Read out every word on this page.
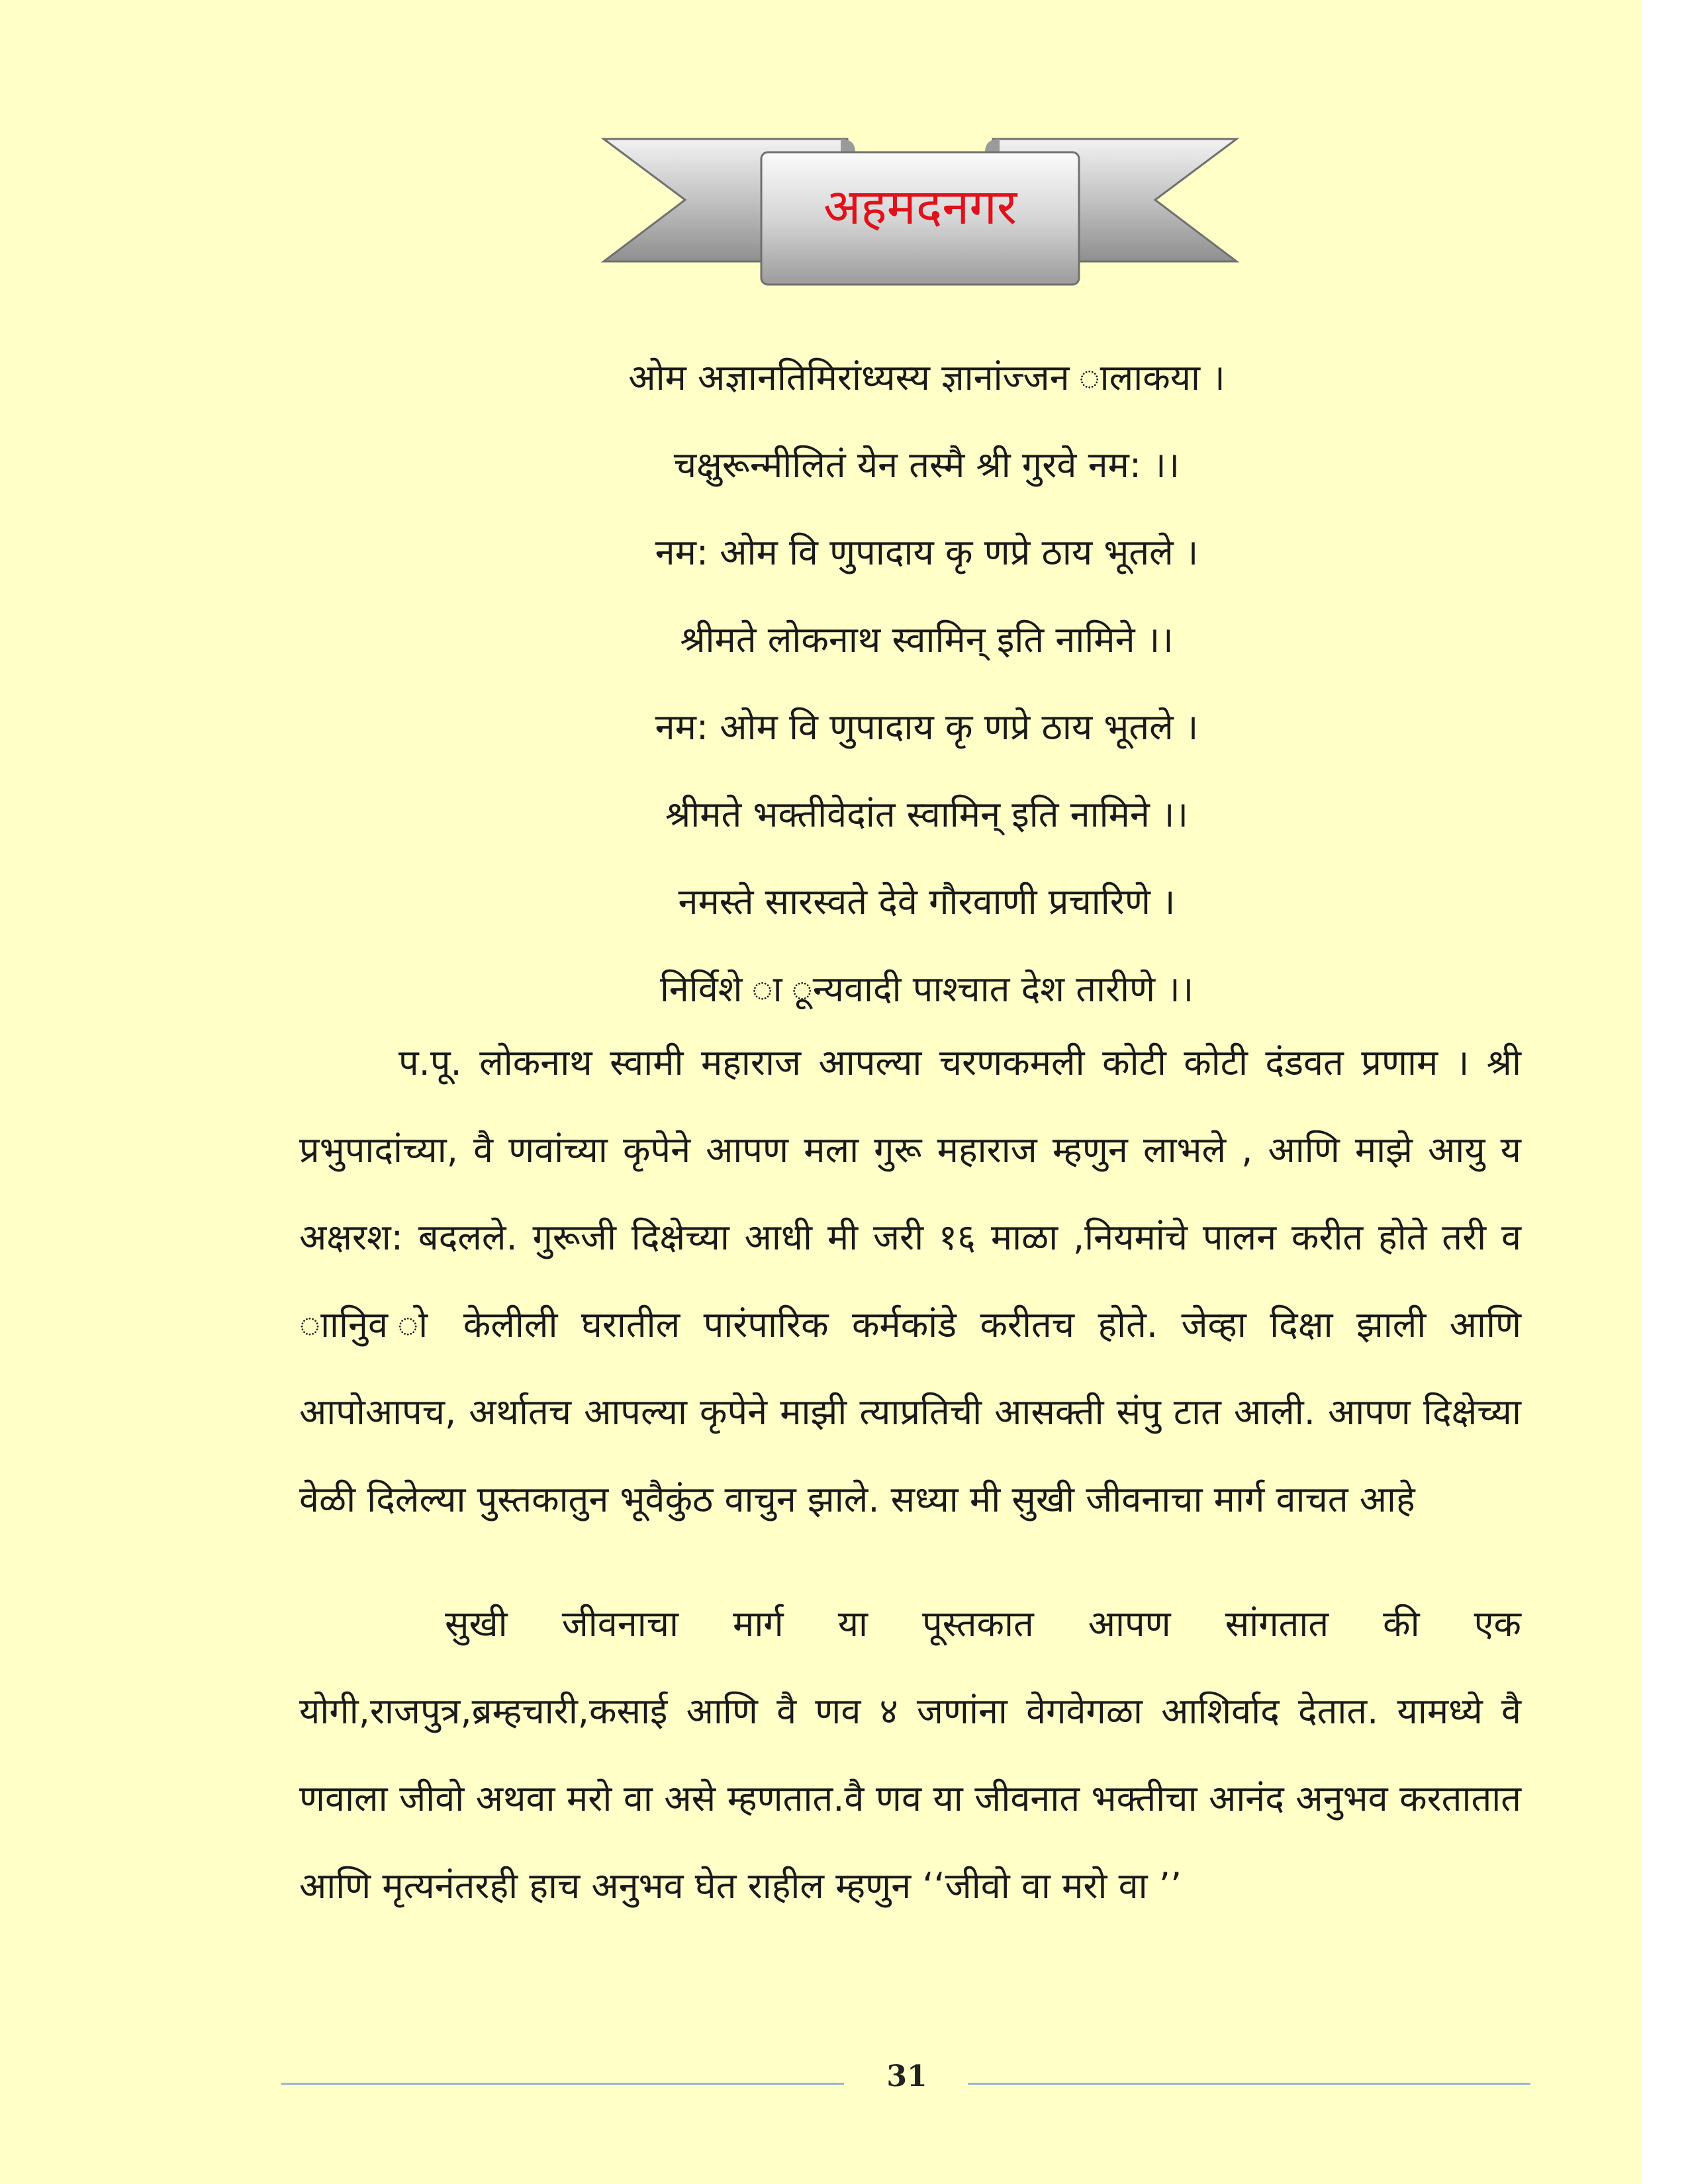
अहमदनगर
ओम अज्ञानतिमिरांध्यस्य ज्ञानांज्जन ालाकया ।
चक्षुरून्मीलितं येन तस्मै श्री गुरवे नम: ।।
नम: ओम वि णुपादाय कृ णप्रे ठाय भूतले ।
श्रीमते लोकनाथ स्वामिन् इति नामिने ।।
नम: ओम वि णुपादाय कृ णप्रे ठाय भूतले ।
श्रीमते भक्तीवेदांत स्वामिन् इति नामिने ।।
नमस्ते सारस्वते देवे गौरवाणी प्रचारिणे ।
निर्विशे ा ून्यवादी पाश्चात देश तारीणे ।।
प.पू. लोकनाथ स्वामी महाराज आपल्या चरणकमली कोटी कोटी दंडवत प्रणाम । श्री प्रभुपादांच्या, वै णवांच्या कृपेने आपण मला गुरू महाराज म्हणुन लाभले , आणि माझे आयु य अक्षरश: बदलले. गुरूजी दिक्षेच्या आधी मी जरी १६ माळा ,नियमांचे पालन करीत होते तरी व ाानुिव ो केलीली घरातील पारंपारिक कर्मकांडे करीतच होते. जेव्हा दिक्षा झाली आणि आपोआपच, अर्थातच आपल्या कृपेने माझी त्याप्रतिची आसक्ती संपु टात आली. आपण दिक्षेच्या वेळी दिलेल्या पुस्तकातुन भूवैकुंठ वाचुन झाले. सध्या मी सुखी जीवनाचा मार्ग वाचत आहे
सुखी जीवनाचा मार्ग या पूस्तकात आपण सांगतात की एक योगी,राजपुत्र,ब्रम्हचारी,कसाई आणि वै णव ४ जणांना वेगवेगळा आशिर्वाद देतात. यामध्ये वै णवाला जीवो अथवा मरो वा असे म्हणतात.वै णव या जीवनात भक्तीचा आनंद अनुभव करतातात आणि मृत्यनंतरही हाच अनुभव घेत राहील म्हणुन ‘‘जीवो वा मरो वा ’’
31
